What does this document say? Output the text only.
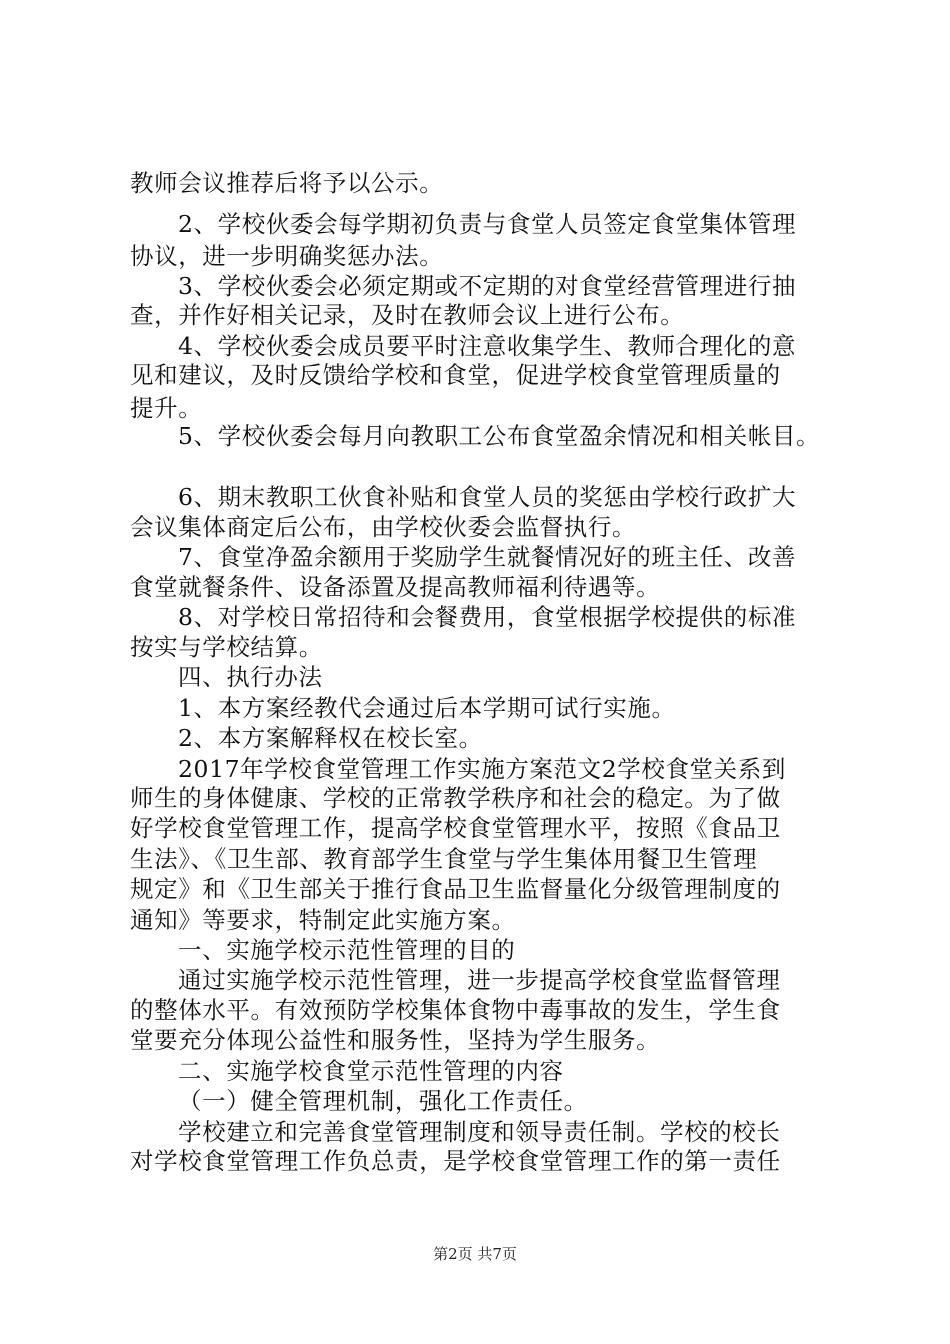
教师会议推荐后将予以公示。
2、学校伙委会每学期初负责与食堂人员签定食堂集体管理
协议，进一步明确奖惩办法。
3、学校伙委会必须定期或不定期的对食堂经营管理进行抽
查，并作好相关记录，及时在教师会议上进行公布。
4、学校伙委会成员要平时注意收集学生、教师合理化的意
见和建议，及时反馈给学校和食堂，促进学校食堂管理质量的
提升。
5、学校伙委会每月向教职工公布食堂盈余情况和相关帐目。
6、期末教职工伙食补贴和食堂人员的奖惩由学校行政扩大
会议集体商定后公布，由学校伙委会监督执行。
7、食堂净盈余额用于奖励学生就餐情况好的班主任、改善
食堂就餐条件、设备添置及提高教师福利待遇等。
8、对学校日常招待和会餐费用，食堂根据学校提供的标准
按实与学校结算。
四、执行办法
1、本方案经教代会通过后本学期可试行实施。
2、本方案解释权在校长室。
2017年学校食堂管理工作实施方案范文2学校食堂关系到
师生的身体健康、学校的正常教学秩序和社会的稳定。为了做
好学校食堂管理工作，提高学校食堂管理水平，按照《食品卫
生法》、《卫生部、教育部学生食堂与学生集体用餐卫生管理
规定》和《卫生部关于推行食品卫生监督量化分级管理制度的
通知》等要求，特制定此实施方案。
一、实施学校示范性管理的目的
通过实施学校示范性管理，进一步提高学校食堂监督管理
的整体水平。有效预防学校集体食物中毒事故的发生，学生食
堂要充分体现公益性和服务性，坚持为学生服务。
二、实施学校食堂示范性管理的内容
（一）健全管理机制，强化工作责任。
学校建立和完善食堂管理制度和领导责任制。学校的校长
对学校食堂管理工作负总责，是学校食堂管理工作的第一责任
第2页 共7页
